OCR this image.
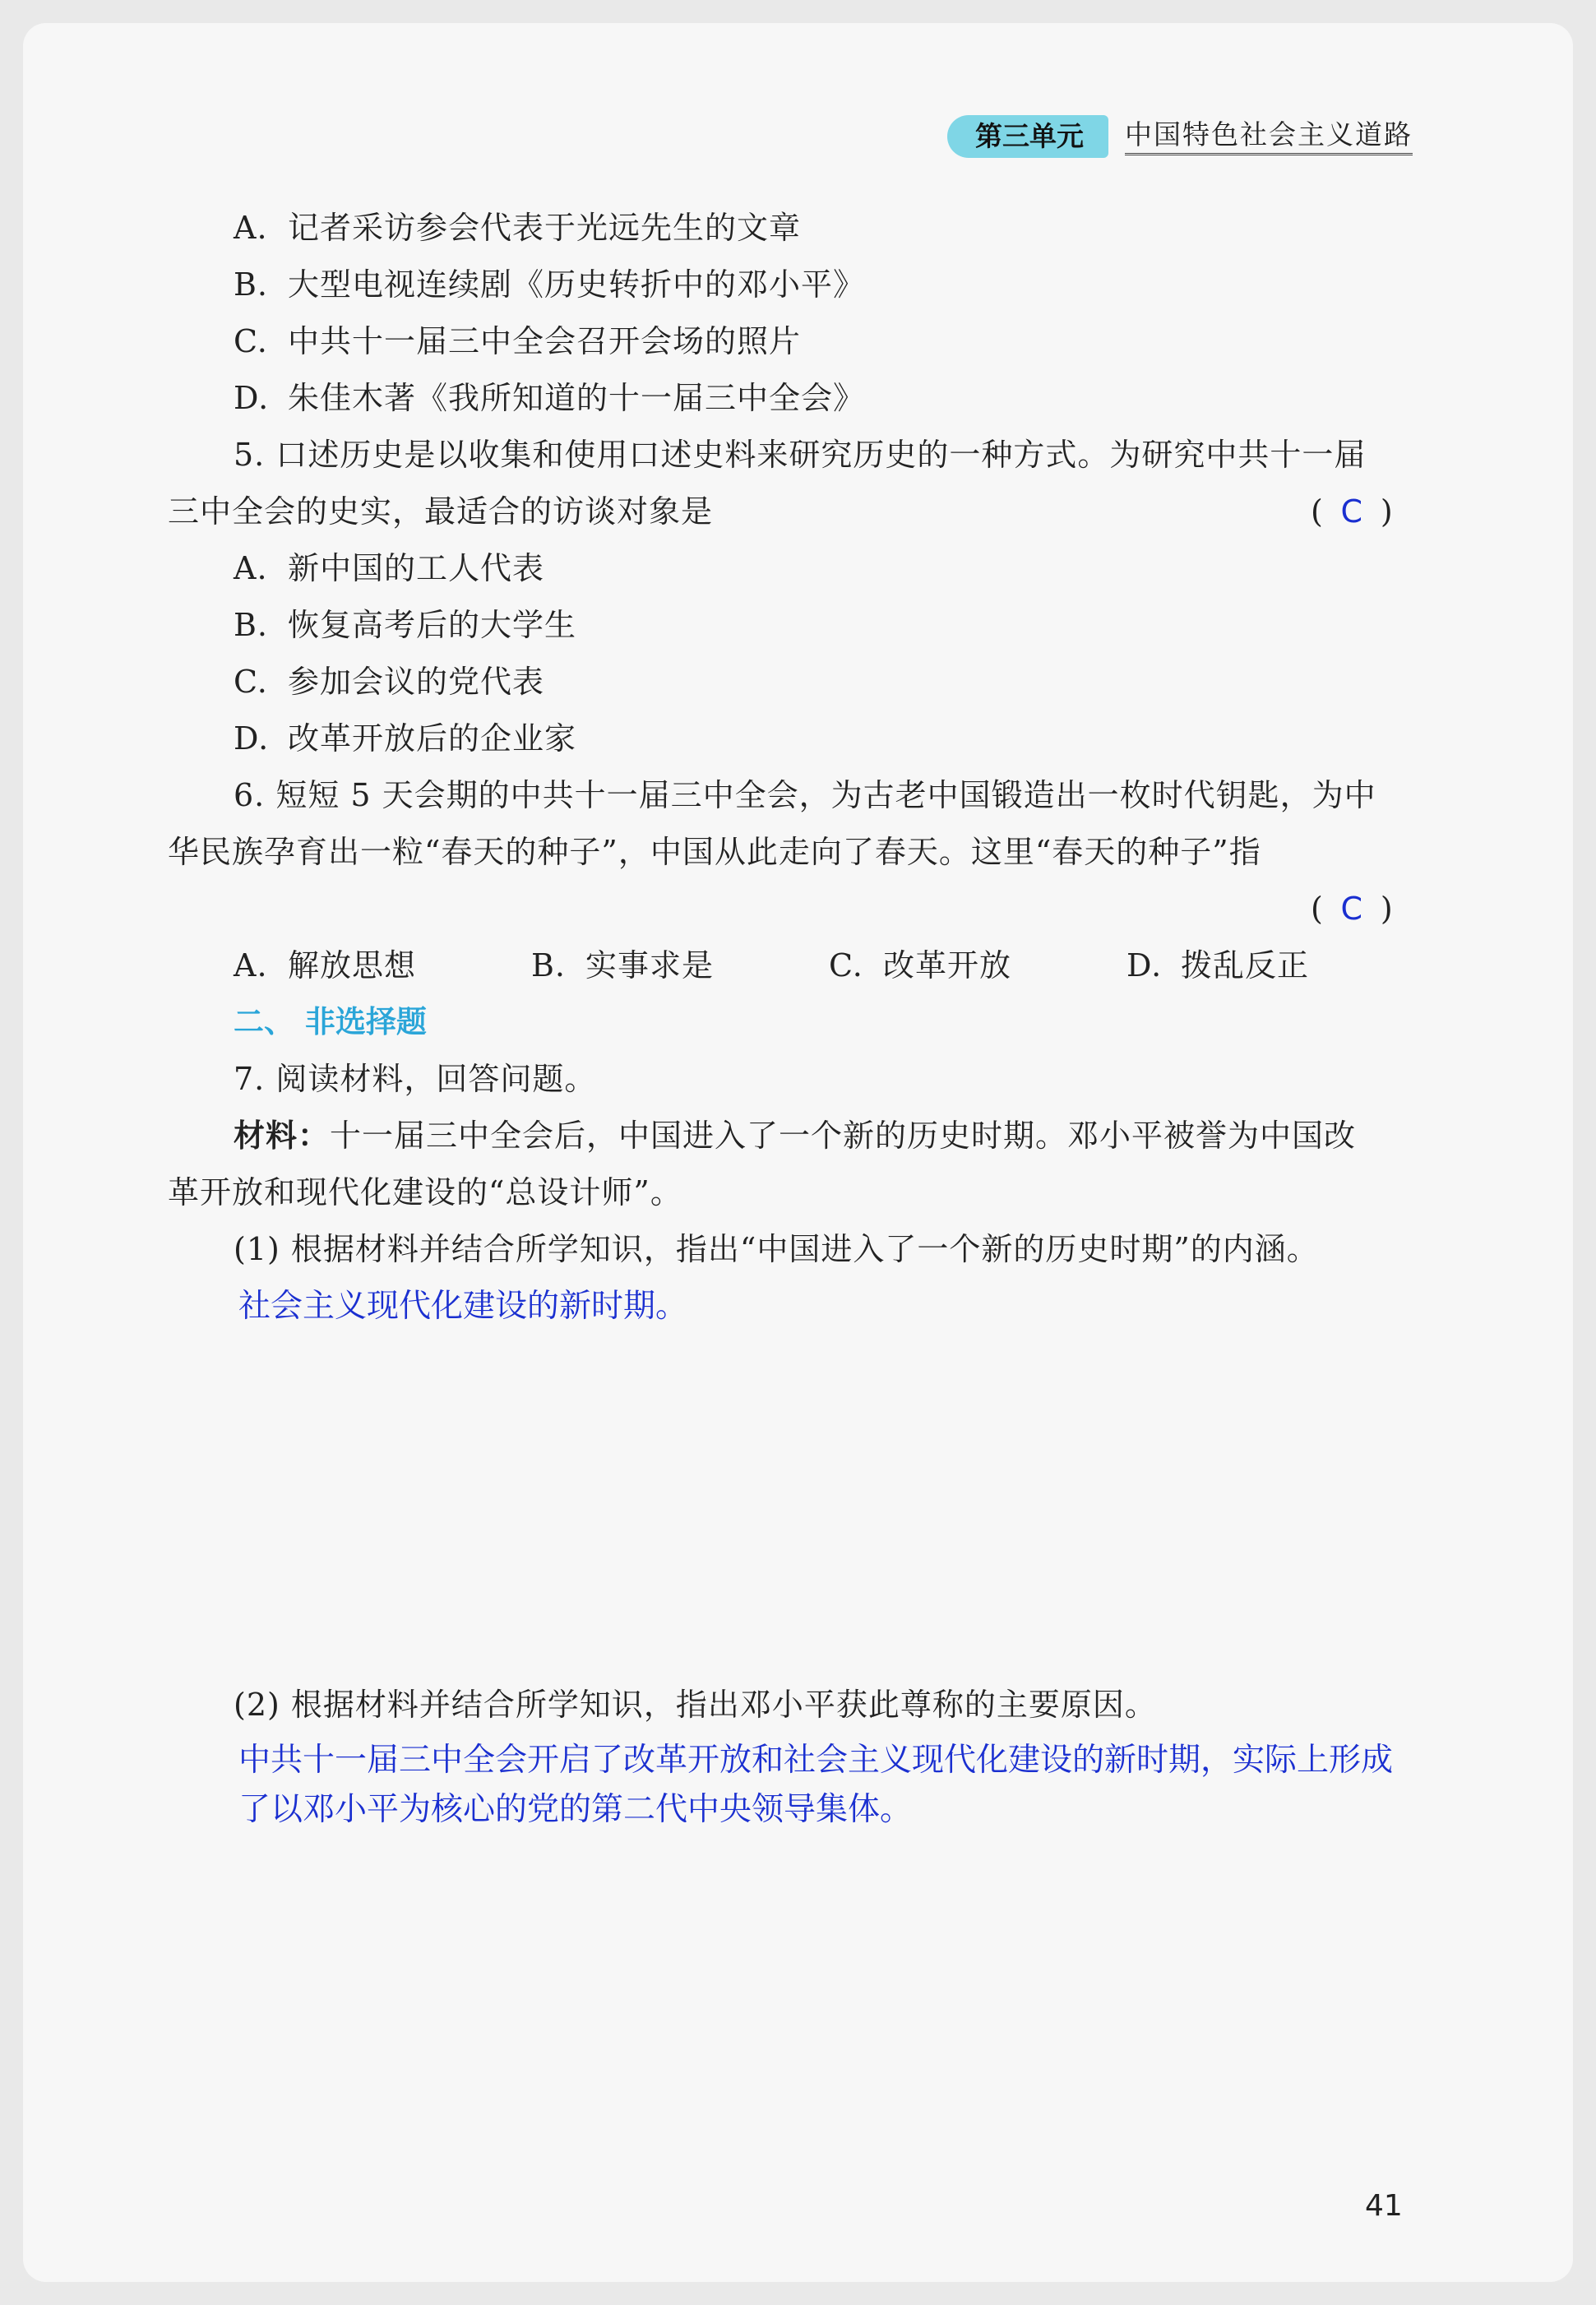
第三单元	中国特色社会主义道路
A. 记者采访参会代表于光远先生的文章
B. 大型电视连续剧《历史转折中的邓小平》
C. 中共十一届三中全会召开会场的照片
D. 朱佳木著《我所知道的十一届三中全会》
5. 口述历史是以收集和使用口述史料来研究历史的一种方式。为研究中共十一届
三中全会的史实，最适合的访谈对象是	( C )
A. 新中国的工人代表
B. 恢复高考后的大学生
C. 参加会议的党代表
D. 改革开放后的企业家
6. 短短 5 天会期的中共十一届三中全会，为古老中国锻造出一枚时代钥匙，为中
华民族孕育出一粒“春天的种子”，中国从此走向了春天。这里“春天的种子”指
( C )
A. 解放思想	B. 实事求是	C. 改革开放	D. 拨乱反正
二、 非选择题
7. 阅读材料，回答问题。
材料：十一届三中全会后，中国进入了一个新的历史时期。邓小平被誉为中国改
革开放和现代化建设的“总设计师”。
(1) 根据材料并结合所学知识，指出“中国进入了一个新的历史时期”的内涵。
社会主义现代化建设的新时期。
(2) 根据材料并结合所学知识，指出邓小平获此尊称的主要原因。
中共十一届三中全会开启了改革开放和社会主义现代化建设的新时期，实际上形成
了以邓小平为核心的党的第二代中央领导集体。
41
